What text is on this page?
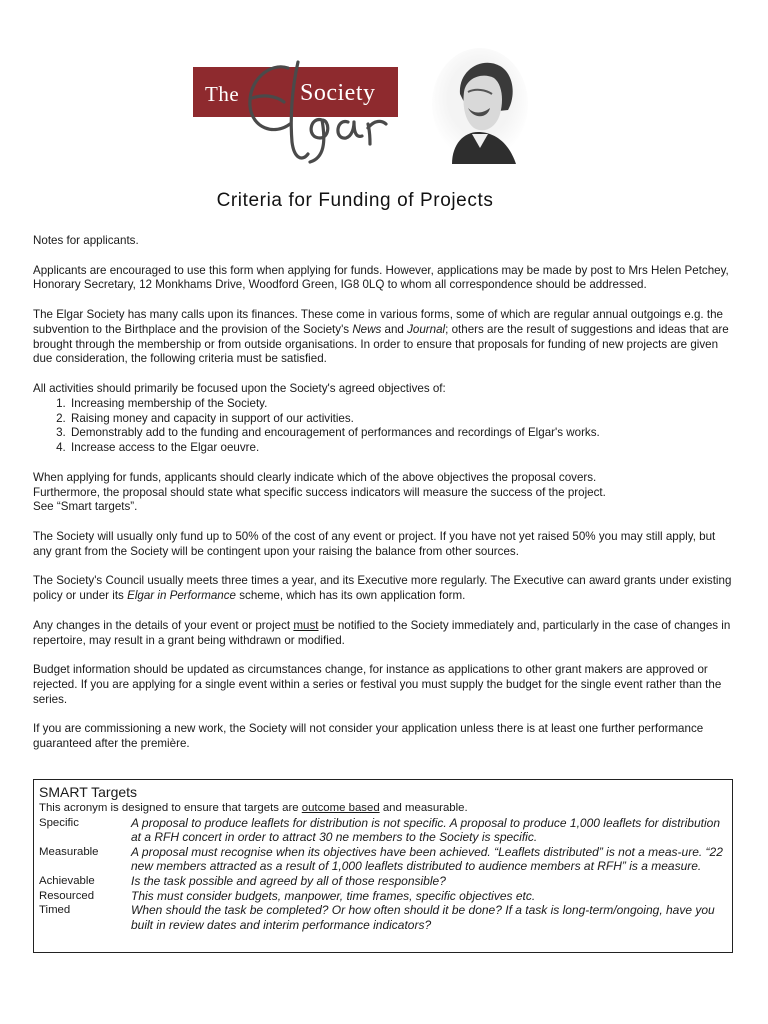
The	Society
Criteria for Funding of Projects

Notes for applicants.

Applicants are encouraged to use this form when applying for funds. However, applications may be made by post to Mrs Helen Petchey, Honorary Secretary, 12 Monkhams Drive, Woodford Green, IG8 0LQ to whom all correspondence should be addressed.

The Elgar Society has many calls upon its finances. These come in various forms, some of which are regular annual outgoings e.g. the subvention to the Birthplace and the provision of the Society's News and Journal; others are the result of suggestions and ideas that are brought through the membership or from outside organisations. In order to ensure that proposals for funding of new projects are given due consideration, the following criteria must be satisfied.

All activities should primarily be focused upon the Society's agreed objectives of:
1. Increasing membership of the Society.
2. Raising money and capacity in support of our activities.
3. Demonstrably add to the funding and encouragement of performances and recordings of Elgar's works.
4. Increase access to the Elgar oeuvre.

When applying for funds, applicants should clearly indicate which of the above objectives the proposal covers.
Furthermore, the proposal should state what specific success indicators will measure the success of the project.
See “Smart targets”.

The Society will usually only fund up to 50% of the cost of any event or project. If you have not yet raised 50% you may still apply, but any grant from the Society will be contingent upon your raising the balance from other sources.

The Society's Council usually meets three times a year, and its Executive more regularly. The Executive can award grants under existing policy or under its Elgar in Performance scheme, which has its own application form.

Any changes in the details of your event or project must be notified to the Society immediately and, particularly in the case of changes in repertoire, may result in a grant being withdrawn or modified.

Budget information should be updated as circumstances change, for instance as applications to other grant makers are approved or rejected. If you are applying for a single event within a series or festival you must supply the budget for the single event rather than the series.

If you are commissioning a new work, the Society will not consider your application unless there is at least one further performance guaranteed after the première.

SMART Targets
This acronym is designed to ensure that targets are outcome based and measurable.
Specific	A proposal to produce leaflets for distribution is not specific. A proposal to produce 1,000 leaflets for distribution at a RFH concert in order to attract 30 ne members to the Society is specific.
Measurable	A proposal must recognise when its objectives have been achieved. “Leaflets distributed” is not a meas-ure. “22 new members attracted as a result of 1,000 leaflets distributed to audience members at RFH” is a measure.
Achievable	Is the task possible and agreed by all of those responsible?
Resourced	This must consider budgets, manpower, time frames, specific objectives etc.
Timed	When should the task be completed? Or how often should it be done? If a task is long-term/ongoing, have you built in review dates and interim performance indicators?
